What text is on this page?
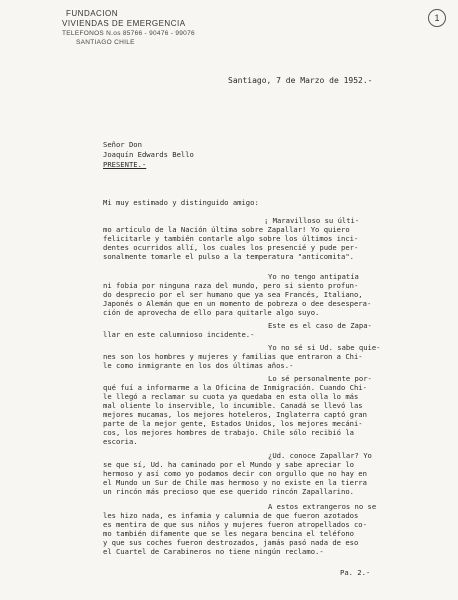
1
FUNDACION
VIVIENDAS DE EMERGENCIA
TELEFONOS N.os 85766 - 90476 - 99076
SANTIAGO CHILE
Santiago, 7 de Marzo de 1952.-
Señor Don
Joaquín Edwards Bello
PRESENTE.-
Mi muy estimado y distinguido amigo:
¡ Maravilloso su últi-
mo artículo de la Nación última sobre Zapallar! Yo quiero
felicitarle y también contarle algo sobre los últimos inci-
dentes ocurridos allí, los cuales los presencié y pude per-
sonalmente tomarle el pulso a la temperatura "anticomita".
Yo no tengo antipatía
ni fobia por ninguna raza del mundo, pero si siento profun-
do desprecio por el ser humano que ya sea Francés, Italiano,
Japonés o Alemán que en un momento de pobreza o dee desespera-
ción de aprovecha de ello para quitarle algo suyo.
Este es el caso de Zapa-
llar en este calumnioso incidente.-
Yo no sé si Ud. sabe quie-
nes son los hombres y mujeres y familias que entraron a Chi-
le como inmigrante en los dos últimas años.-
Lo sé personalmente por-
qué fuí a informarme a la Oficina de Inmigración. Cuando Chi-
le llegó a reclamar su cuota ya quedaba en esta olla lo más
mal oliente lo inservible, lo incumible. Canadá se llevó las
mejores mucamas, los mejores hoteleros, Inglaterra captó gran
parte de la mejor gente, Estados Unidos, los mejores mecáni-
cos, los mejores hombres de trabajo. Chile sólo recibió la
escoria.
¿Ud. conoce Zapallar? Yo
se que sí, Ud. ha caminado por el Mundo y sabe apreciar lo
hermoso y así como yo podamos decir con orgullo que no hay en
el Mundo un Sur de Chile mas hermoso y no existe en la tierra
un rincón más precioso que ese querido rincón Zapallarino.
A estos extrangeros no se
les hizo nada, es infamia y calumnia de que fueron azotados
es mentira de que sus niños y mujeres fueron atropellados co-
mo también difamente que se les negara bencina el teléfono
y que sus coches fueron destrozados, jamás pasó nada de eso
el Cuartel de Carabineros no tiene ningún reclamo.-
Pa. 2.-
